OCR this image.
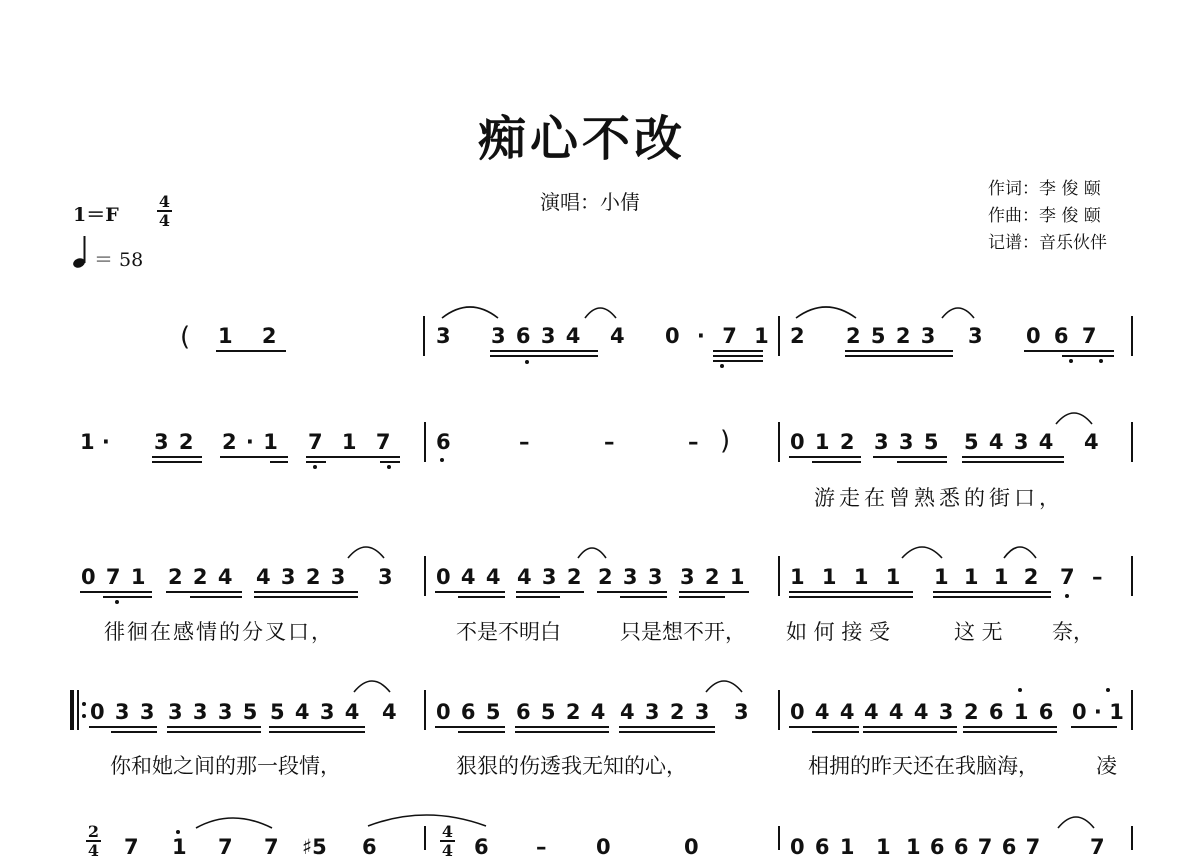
痴心不改
演唱：小倩
作词：李 俊 颐
作曲：李 俊 颐
记谱：音乐伙伴
1＝F
4
4
＝ 58
( 1 2	3 3 6 3 4 4 0 · 7 1 2 2 5 2 3 3 0 6 7
1 · 3 2 2 · 1 7 1 7 6	–	–	– )	0 1 2 3 3 5 5 4 3 4 4
游走在曾熟悉的街口，
0 7 1 2 2 4 4 3 2 3 3 0 4 4 4 3 2 2 3 3 3 2 1 1 1 1 1 1 1 1 2 7 –
徘徊在感情的分叉口，	不是不明白	只是想不开， 如 何 接 受	这 无 奈，
0 3 3 3 3 3 5 5 4 3 4 4 0 6 5 6 5 2 4 4 3 2 3 3 0 4 4 4 4 4 3 2 6 1 6 0 · 1
你和她之间的那一段情，	狠狠的伤透我无知的心，	相拥的昨天还在我脑海，	凌
2
4 7 1 7 7 ♯5 6
4
4 6 – 0	0	0 6 1 1 1 6 6 7 6 7 7
